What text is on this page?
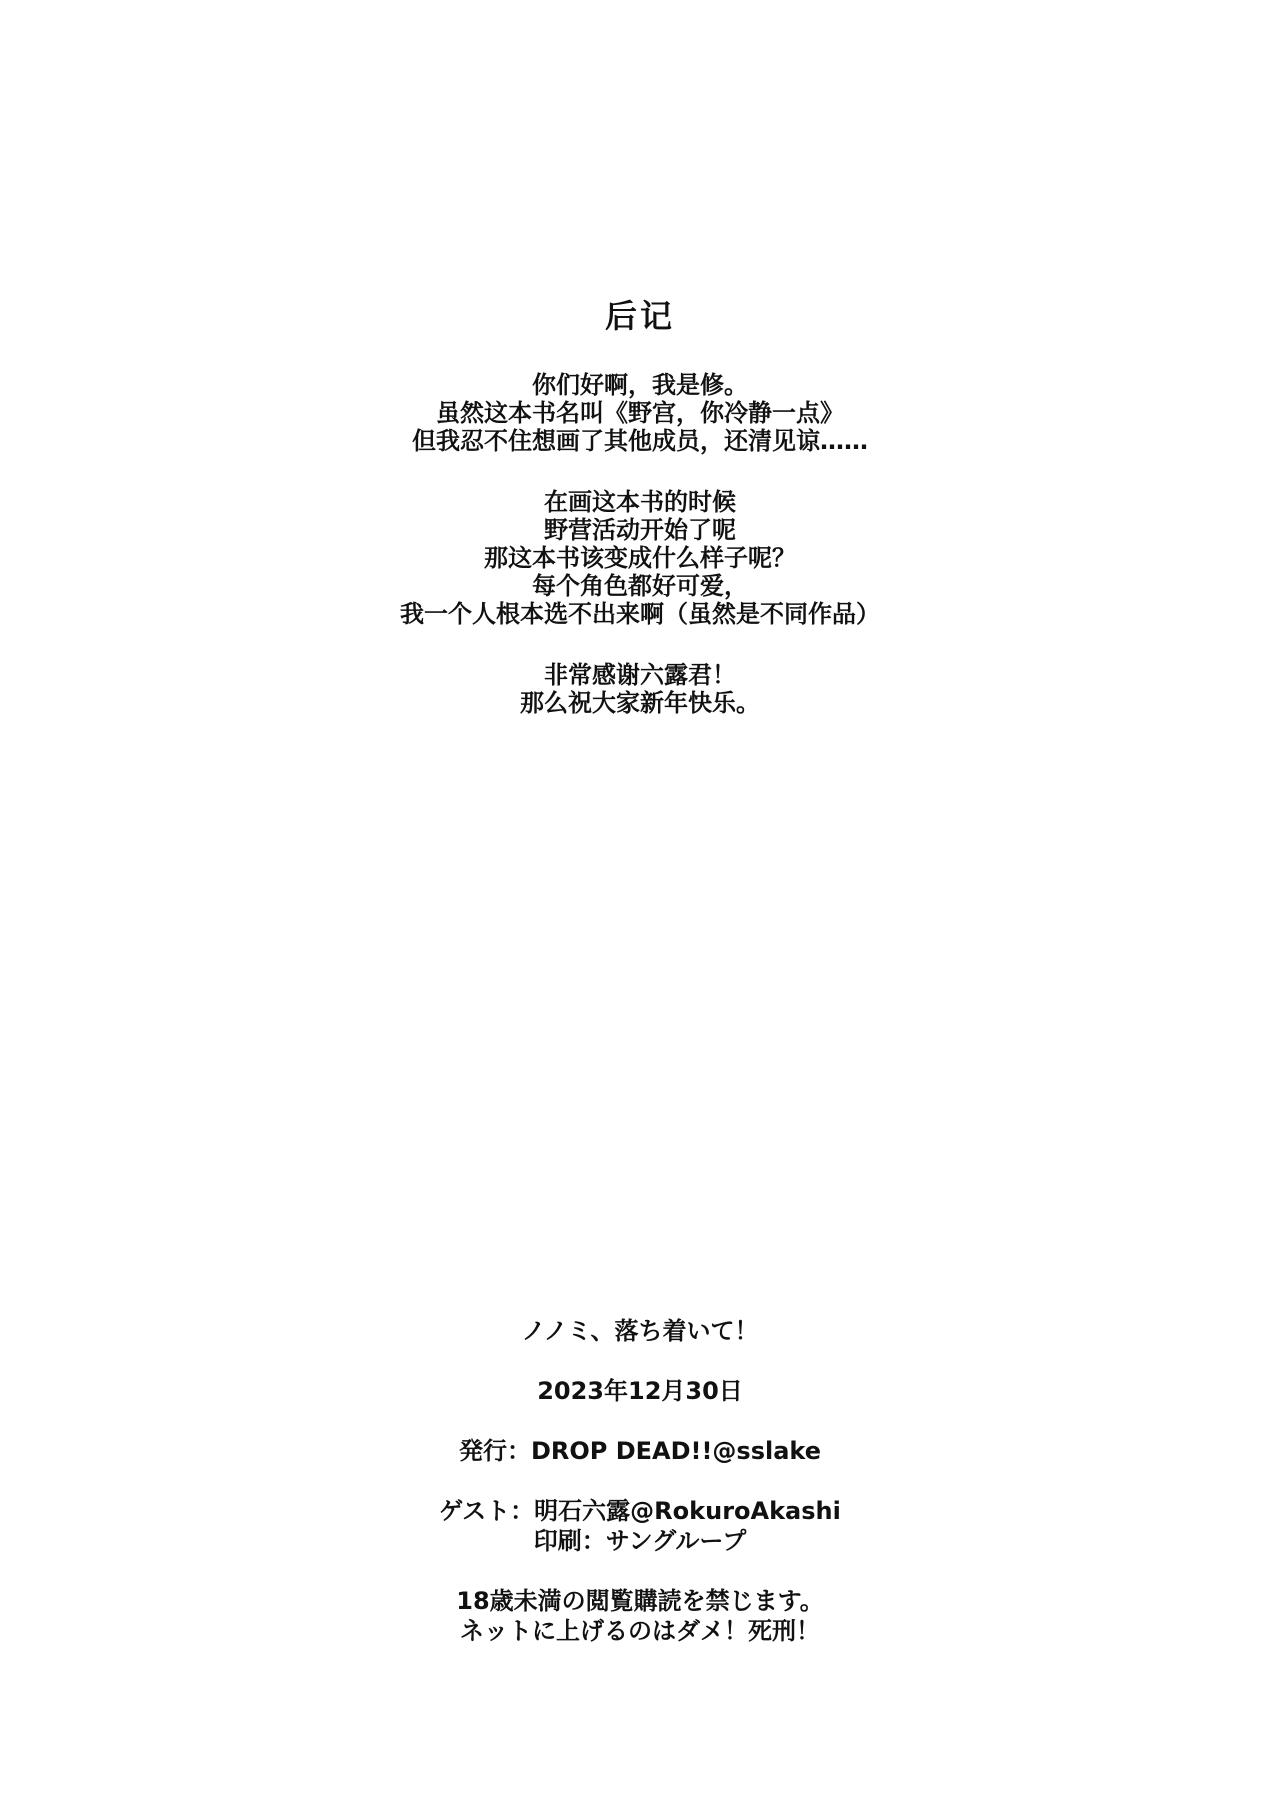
后记
你们好啊，我是修。
虽然这本书名叫《野宫，你冷静一点》
但我忍不住想画了其他成员，还清见谅……
在画这本书的时候
野营活动开始了呢
那这本书该变成什么样子呢？
每个角色都好可爱，
我一个人根本选不出来啊（虽然是不同作品）
非常感谢六露君！
那么祝大家新年快乐。
ノノミ、落ち着いて！
2023年12月30日
発行：DROP DEAD!!@sslake
ゲスト：明石六露@RokuroAkashi
印刷：サングループ
18歳未満の閲覧購読を禁じます。
ネットに上げるのはダメ！死刑！
